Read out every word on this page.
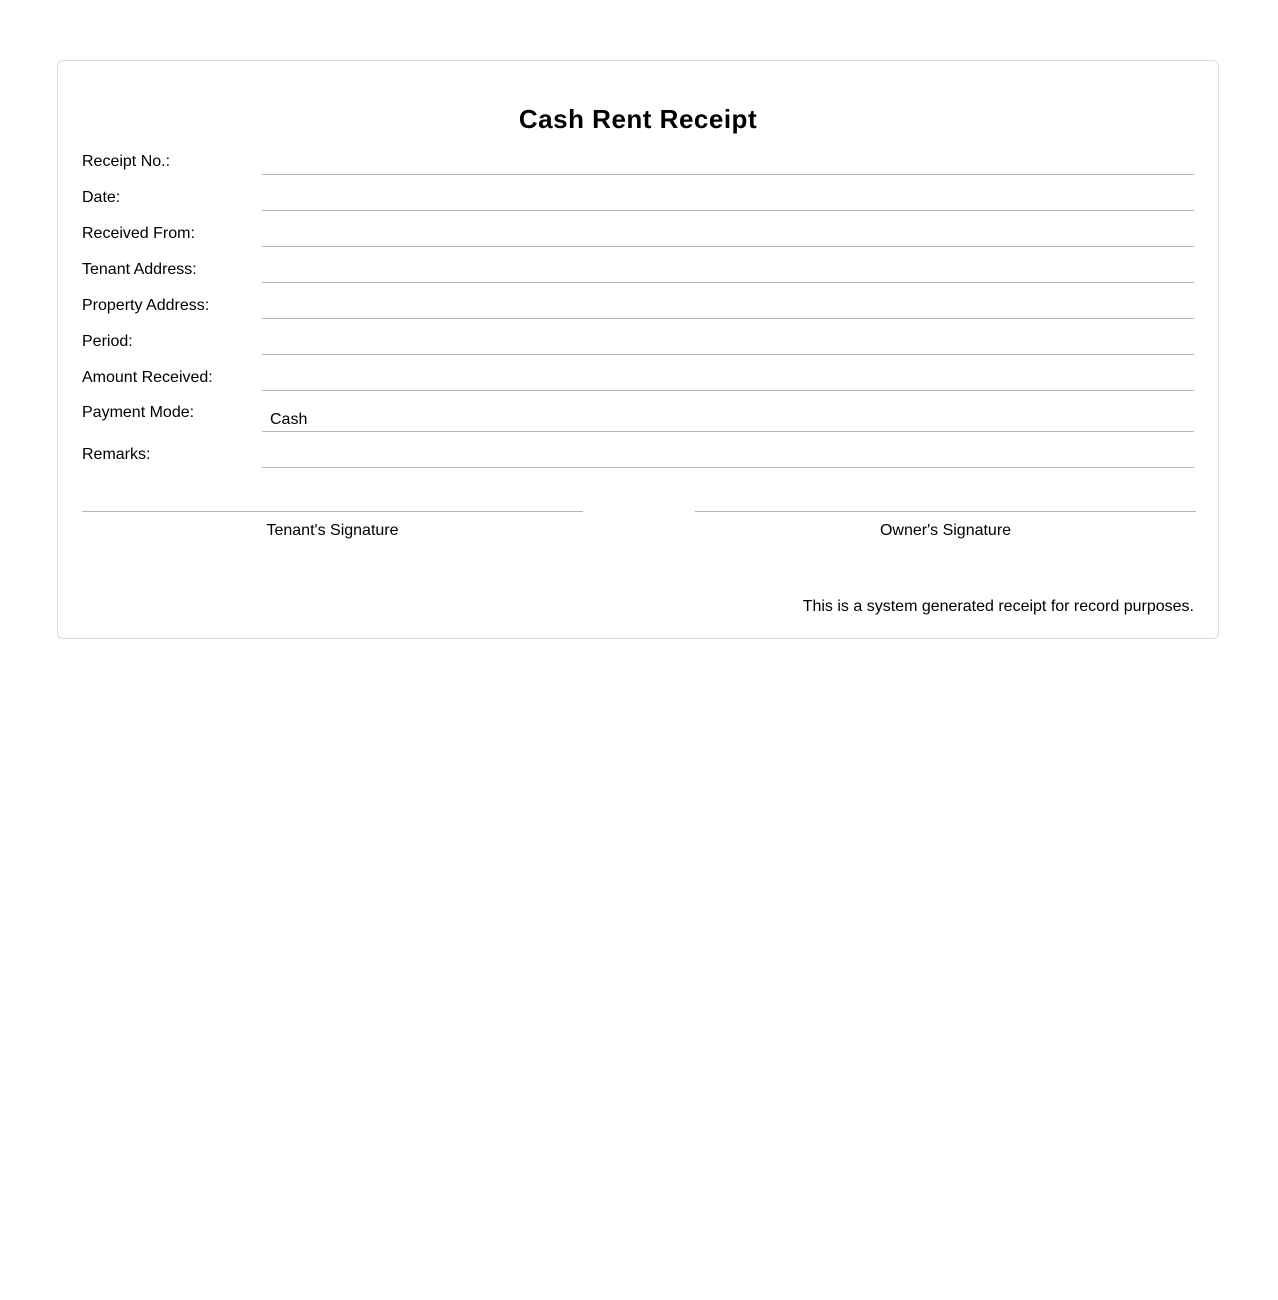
Cash Rent Receipt
Receipt No.:
Date:
Received From:
Tenant Address:
Property Address:
Period:
Amount Received:
Payment Mode:	Cash
Remarks:
Tenant's Signature	Owner's Signature
This is a system generated receipt for record purposes.
